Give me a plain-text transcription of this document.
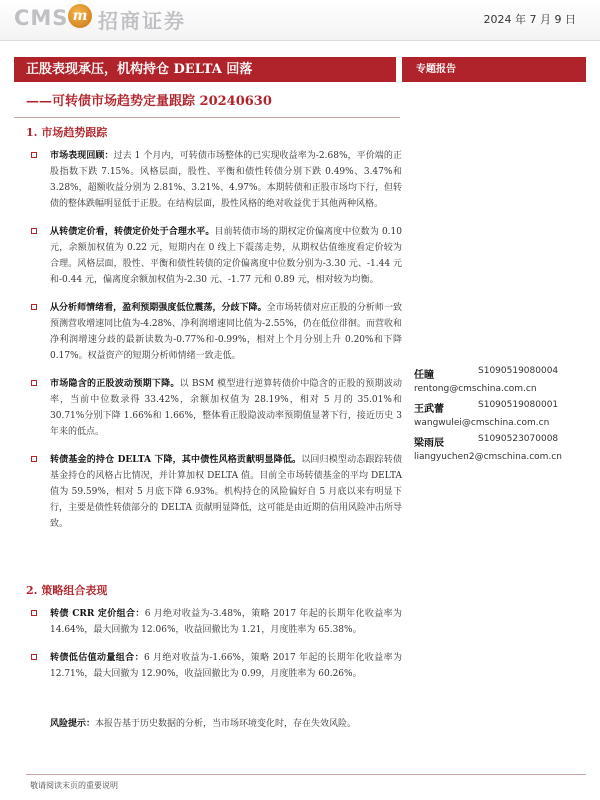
CMS m 招商证券	2024 年 7 月 9 日
正股表现承压，机构持仓 DELTA 回落	专题报告
——可转债市场趋势定量跟踪 20240630
1. 市场趋势跟踪
市场表现回顾：过去 1 个月内，可转债市场整体的已实现收益率为-2.68%，平价端的正股指数下跌 7.15%。风格层面，股性、平衡和债性转债分别下跌 0.49%、3.47%和 3.28%，超额收益分别为 2.81%、3.21%、4.97%。本期转债和正股市场均下行，但转债的整体跌幅明显低于正股。在结构层面，股性风格的绝对收益优于其他两种风格。
从转债定价看，转债定价处于合理水平。目前转债市场的期权定价偏离度中位数为 0.10 元，余额加权值为 0.22 元，短期内在 0 线上下震荡走势，从期权估值维度看定价较为合理。风格层面，股性、平衡和债性转债的定价偏离度中位数分别为-3.30 元、-1.44 元和-0.44 元，偏离度余额加权值为-2.30 元、-1.77 元和 0.89 元，相对较为均衡。
从分析师情绪看，盈利预期强度低位震荡，分歧下降。全市场转债对应正股的分析师一致预测营收增速同比值为-4.28%、净利润增速同比值为-2.55%，仍在低位徘徊。而营收和净利润增速分歧的最新读数为-0.77%和-0.99%，相对上个月分别上升 0.20%和下降 0.17%。权益资产的短期分析师情绪一致走低。
市场隐含的正股波动预期下降。以 BSM 模型进行逆算转债价中隐含的正股的预期波动率，当前中位数录得 33.42%，余额加权值为 28.19%，相对 5 月的 35.01%和 30.71%分别下降 1.66%和 1.66%，整体看正股隐波动率预期值显著下行，接近历史 3 年来的低点。
转债基金的持仓 DELTA 下降，其中债性风格贡献明显降低。以回归模型动态跟踪转债基金持仓的风格占比情况，并计算加权 DELTA 值。目前全市场转债基金的平均 DELTA 值为 59.59%，相对 5 月底下降 6.93%。机构持仓的风险偏好自 5 月底以来有明显下行，主要是债性转债部分的 DELTA 贡献明显降低，这可能是由近期的信用风险冲击所导致。
2. 策略组合表现
转债 CRR 定价组合：6 月绝对收益为-3.48%，策略 2017 年起的长期年化收益率为 14.64%，最大回撤为 12.06%，收益回撤比为 1.21，月度胜率为 65.38%。
转债低估值动量组合：6 月绝对收益为-1.66%，策略 2017 年起的长期年化收益率为 12.71%，最大回撤为 12.90%，收益回撤比为 0.99，月度胜率为 60.26%。
风险提示：本报告基于历史数据的分析，当市场环境变化时，存在失效风险。
任瞳	S1090519080004
rentong@cmschina.com.cn
王武蕾	S1090519080001
wangwulei@cmschina.com.cn
梁雨辰	S1090523070008
liangyuchen2@cmschina.com.cn
敬请阅读末页的重要说明
